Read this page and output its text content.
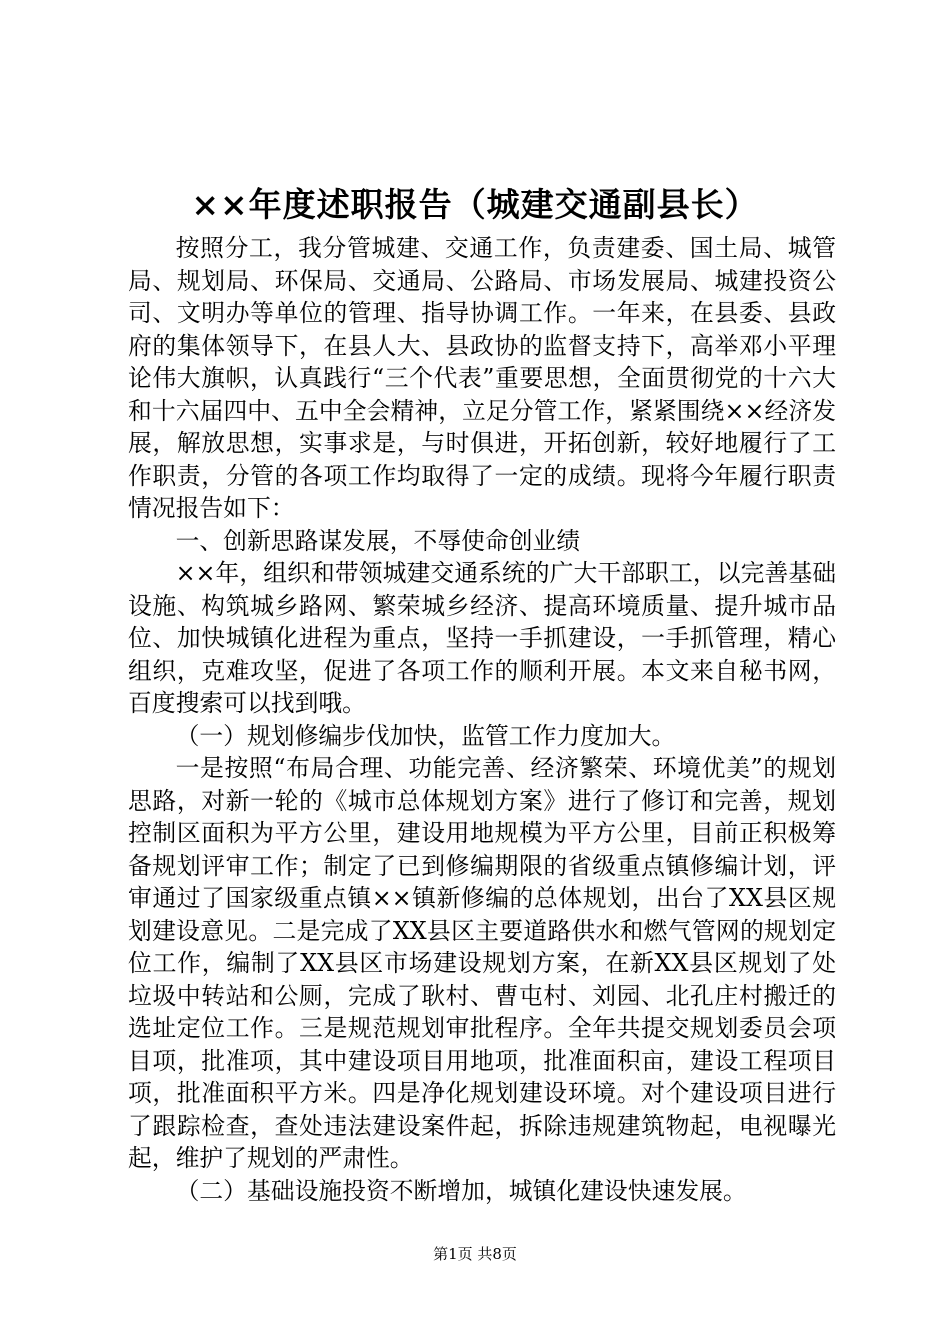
××年度述职报告（城建交通副县长）

按照分工，我分管城建、交通工作，负责建委、国土局、城管局、规划局、环保局、交通局、公路局、市场发展局、城建投资公司、文明办等单位的管理、指导协调工作。一年来，在县委、县政府的集体领导下，在县人大、县政协的监督支持下，高举邓小平理论伟大旗帜，认真践行“三个代表”重要思想，全面贯彻党的十六大和十六届四中、五中全会精神，立足分管工作，紧紧围绕××经济发展，解放思想，实事求是，与时俱进，开拓创新，较好地履行了工作职责，分管的各项工作均取得了一定的成绩。现将今年履行职责情况报告如下：

一、创新思路谋发展，不辱使命创业绩

××年，组织和带领城建交通系统的广大干部职工，以完善基础设施、构筑城乡路网、繁荣城乡经济、提高环境质量、提升城市品位、加快城镇化进程为重点，坚持一手抓建设，一手抓管理，精心组织，克难攻坚，促进了各项工作的顺利开展。本文来自秘书网，百度搜索可以找到哦。

（一）规划修编步伐加快，监管工作力度加大。

一是按照“布局合理、功能完善、经济繁荣、环境优美”的规划思路，对新一轮的《城市总体规划方案》进行了修订和完善，规划控制区面积为平方公里，建设用地规模为平方公里，目前正积极筹备规划评审工作；制定了已到修编期限的省级重点镇修编计划，评审通过了国家级重点镇××镇新修编的总体规划，出台了XX县区规划建设意见。二是完成了XX县区主要道路供水和燃气管网的规划定位工作，编制了XX县区市场建设规划方案，在新XX县区规划了处垃圾中转站和公厕，完成了耿村、曹屯村、刘园、北孔庄村搬迁的选址定位工作。三是规范规划审批程序。全年共提交规划委员会项目项，批准项，其中建设项目用地项，批准面积亩，建设工程项目项，批准面积平方米。四是净化规划建设环境。对个建设项目进行了跟踪检查，查处违法建设案件起，拆除违规建筑物起，电视曝光起，维护了规划的严肃性。

（二）基础设施投资不断增加，城镇化建设快速发展。

第1页 共8页
